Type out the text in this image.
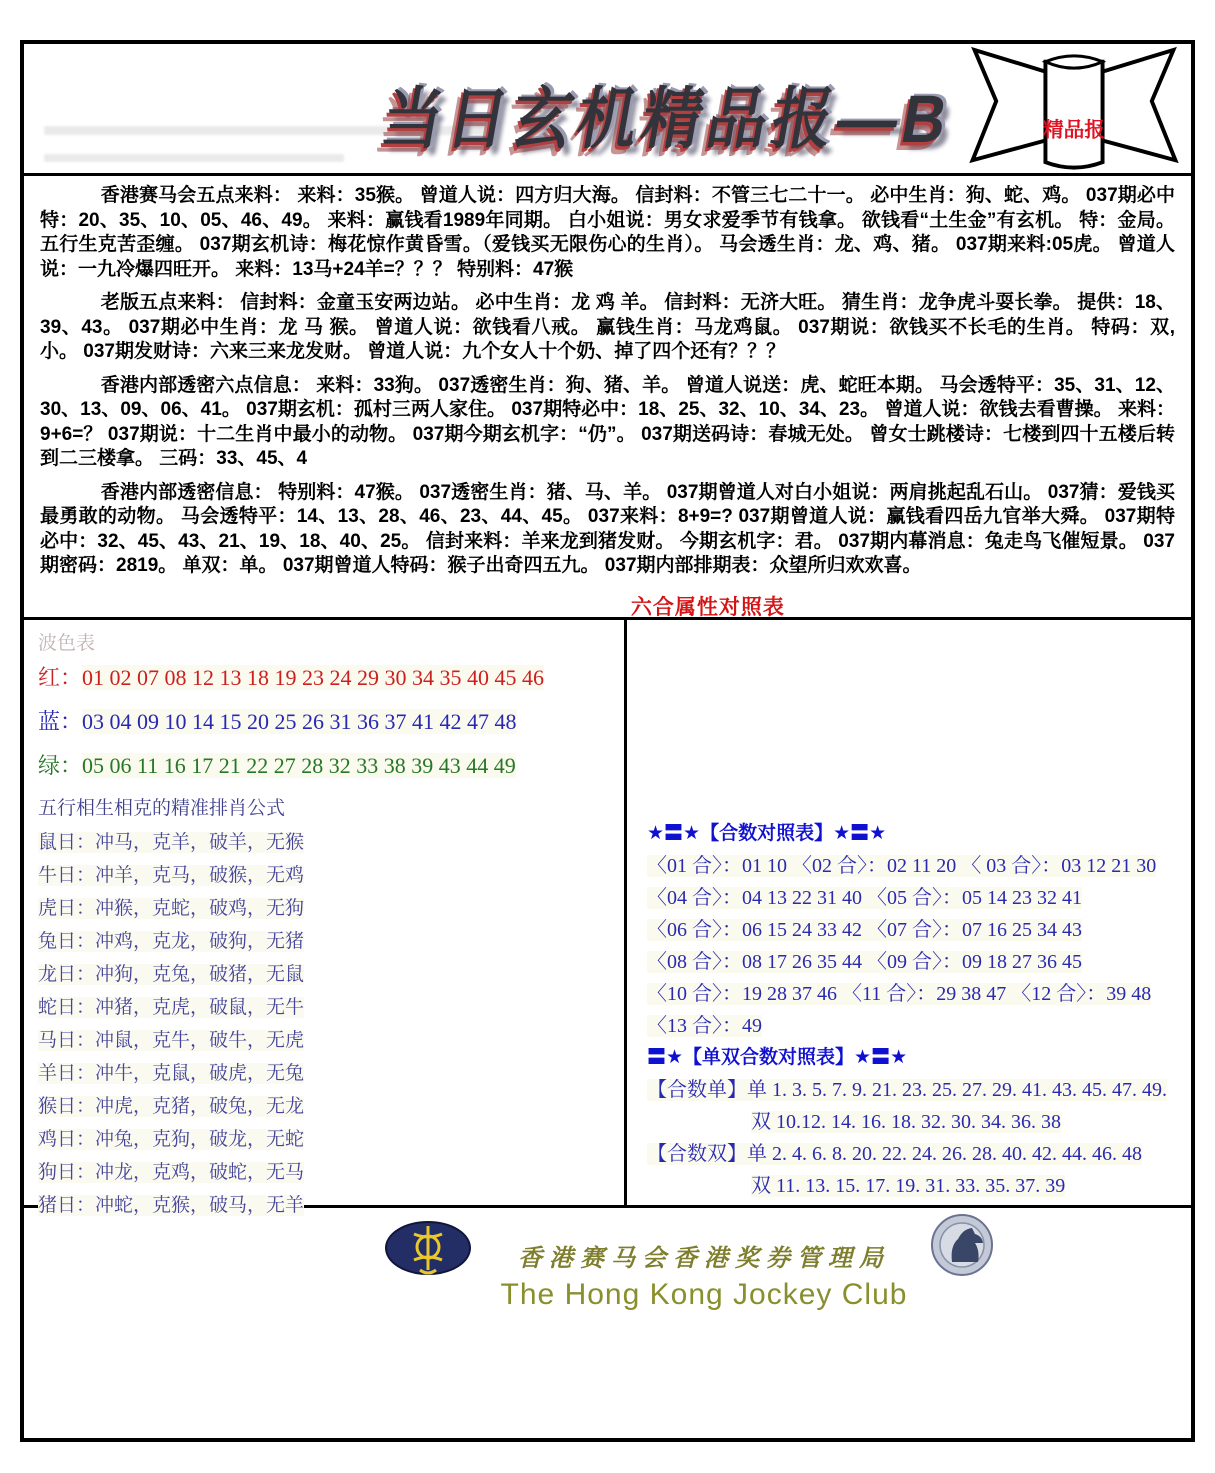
当日玄机精品报—B	精品报

香港赛马会五点来料： 来料：35猴。 曾道人说：四方归大海。 信封料：不管三七二十一。 必中生肖：狗、蛇、鸡。 037期必中特：20、35、10、05、46、49。 来料：赢钱看1989年同期。 白小姐说：男女求爱季节有钱拿。 欲钱看“土生金”有玄机。 特：金局。 五行生克苦歪缠。 037期玄机诗：梅花惊作黄昏雪。（爱钱买无限伤心的生肖）。 马会透生肖：龙、鸡、猪。 037期来料:05虎。 曾道人说：一九冷爆四旺开。 来料：13马+24羊=？？？ 特别料：47猴

老版五点来料： 信封料：金童玉安两边站。 必中生肖：龙 鸡 羊。 信封料：无济大旺。 猜生肖：龙争虎斗耍长拳。 提供：18、39、43。 037期必中生肖：龙 马 猴。 曾道人说：欲钱看八戒。 赢钱生肖：马龙鸡鼠。 037期说：欲钱买不长毛的生肖。 特码：双,小。 037期发财诗：六来三来龙发财。 曾道人说：九个女人十个奶、掉了四个还有？？？

香港内部透密六点信息： 来料：33狗。 037透密生肖：狗、猪、羊。 曾道人说送：虎、蛇旺本期。 马会透特平：35、31、12、30、13、09、06、41。 037期玄机：孤村三两人家住。 037期特必中：18、25、32、10、34、23。 曾道人说：欲钱去看曹操。 来料：9+6=？ 037期说：十二生肖中最小的动物。 037期今期玄机字：“仍”。 037期送码诗：春城无处。 曾女士跳楼诗：七楼到四十五楼后转到二三楼拿。 三码：33、45、4

香港内部透密信息： 特别料：47猴。 037透密生肖：猪、马、羊。 037期曾道人对白小姐说：两肩挑起乱石山。 037猜：爱钱买最勇敢的动物。 马会透特平：14、13、28、46、23、44、45。 037来料：8+9=? 037期曾道人说：赢钱看四岳九官举大舜。 037期特必中：32、45、43、21、19、18、40、25。 信封来料：羊来龙到猪发财。 今期玄机字：君。 037期内幕消息：兔走鸟飞催短景。 037期密码：2819。 单双：单。 037期曾道人特码：猴子出奇四五九。 037期内部排期表：众望所归欢欢喜。

六合属性对照表
波色表
红：01 02 07 08 12 13 18 19 23 24 29 30 34 35 40 45 46
蓝：03 04 09 10 14 15 20 25 26 31 36 37 41 42 47 48
绿：05 06 11 16 17 21 22 27 28 32 33 38 39 43 44 49
五行相生相克的精准排肖公式
鼠日：冲马，克羊，破羊，无猴
牛日：冲羊，克马，破猴，无鸡
虎日：冲猴，克蛇，破鸡，无狗
兔日：冲鸡，克龙，破狗，无猪
龙日：冲狗，克兔，破猪，无鼠
蛇日：冲猪，克虎，破鼠，无牛
马日：冲鼠，克牛，破牛，无虎
羊日：冲牛，克鼠，破虎，无兔
猴日：冲虎，克猪，破兔，无龙
鸡日：冲兔，克狗，破龙，无蛇
狗日：冲龙，克鸡，破蛇，无马
猪日：冲蛇，克猴，破马，无羊
★〓★【合数对照表】★〓★
〈01 合〉：01 10 〈02 合〉：02 11 20 〈 03 合〉：03 12 21 30
〈04 合〉：04 13 22 31 40 〈05 合〉：05 14 23 32 41
〈06 合〉：06 15 24 33 42 〈07 合〉：07 16 25 34 43
〈08 合〉：08 17 26 35 44 〈09 合〉：09 18 27 36 45
〈10 合〉：19 28 37 46 〈11 合〉：29 38 47 〈12 合〉：39 48
〈13 合〉：49
〓★【单双合数对照表】★〓★
【合数单】单 1. 3. 5. 7. 9. 21. 23. 25. 27. 29. 41. 43. 45. 47. 49.
双 10.12. 14. 16. 18. 32. 30. 34. 36. 38
【合数双】单 2. 4. 6. 8. 20. 22. 24. 26. 28. 40. 42. 44. 46. 48
双 11. 13. 15. 17. 19. 31. 33. 35. 37. 39
香港赛马会香港奖券管理局
The Hong Kong Jockey Club
